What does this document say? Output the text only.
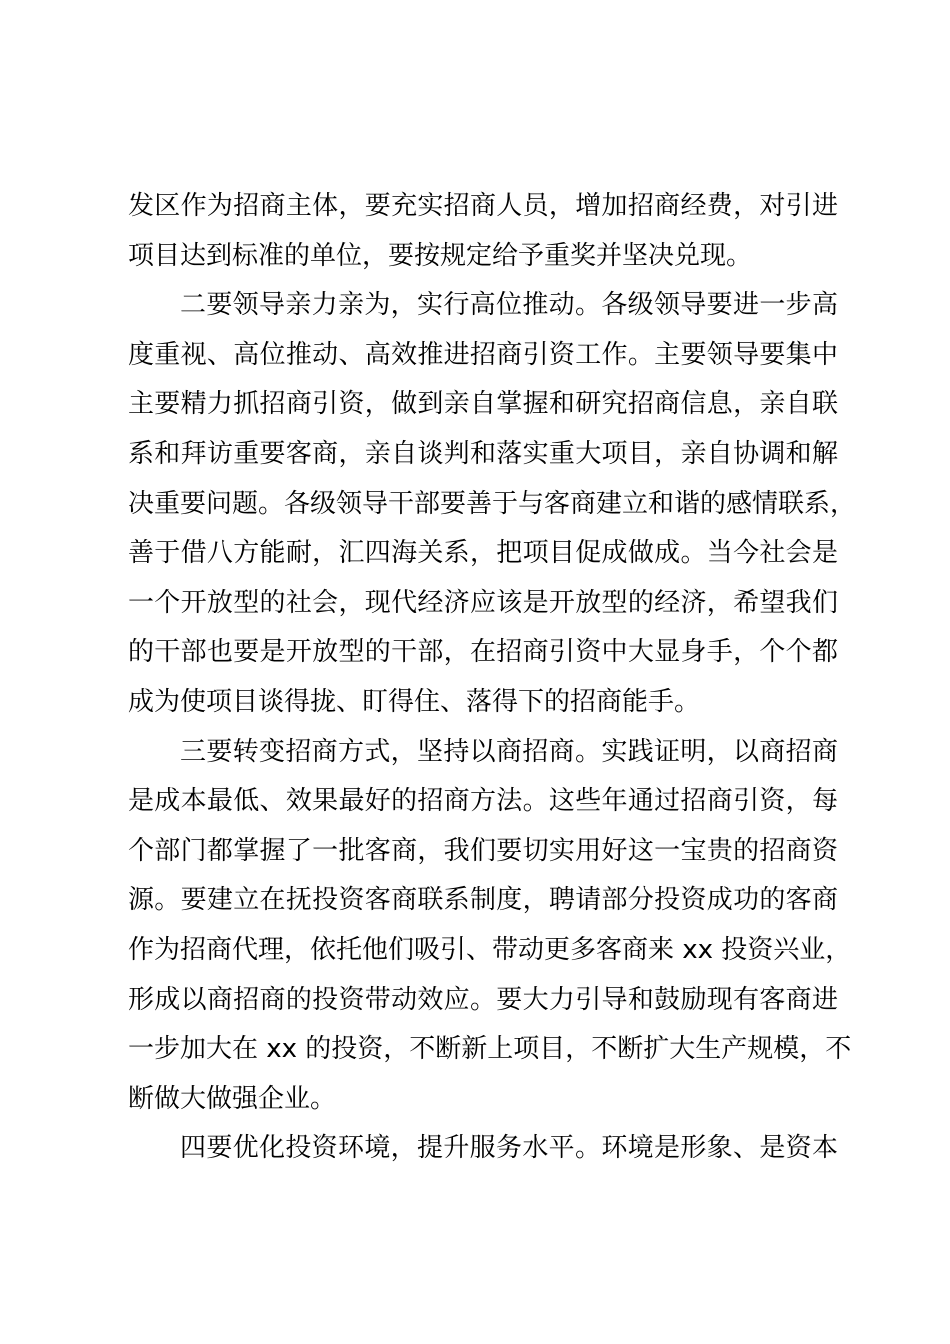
发区作为招商主体，要充实招商人员，增加招商经费，对引进
项目达到标准的单位，要按规定给予重奖并坚决兑现。
二要领导亲力亲为，实行高位推动。各级领导要进一步高
度重视、高位推动、高效推进招商引资工作。主要领导要集中
主要精力抓招商引资，做到亲自掌握和研究招商信息，亲自联
系和拜访重要客商，亲自谈判和落实重大项目，亲自协调和解
决重要问题。各级领导干部要善于与客商建立和谐的感情联系，
善于借八方能耐，汇四海关系，把项目促成做成。当今社会是
一个开放型的社会，现代经济应该是开放型的经济，希望我们
的干部也要是开放型的干部，在招商引资中大显身手，个个都
成为使项目谈得拢、盯得住、落得下的招商能手。
三要转变招商方式，坚持以商招商。实践证明，以商招商
是成本最低、效果最好的招商方法。这些年通过招商引资，每
个部门都掌握了一批客商，我们要切实用好这一宝贵的招商资
源。要建立在抚投资客商联系制度，聘请部分投资成功的客商
作为招商代理，依托他们吸引、带动更多客商来 xx 投资兴业，
形成以商招商的投资带动效应。要大力引导和鼓励现有客商进
一步加大在 xx 的投资，不断新上项目，不断扩大生产规模，不
断做大做强企业。
四要优化投资环境，提升服务水平。环境是形象、是资本
